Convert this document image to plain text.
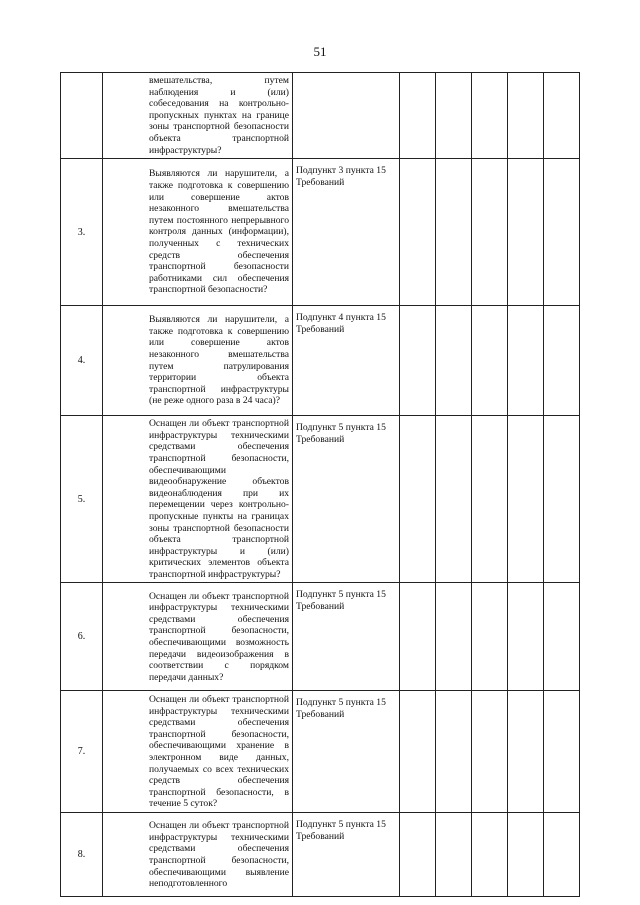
51
	вмешательства, путем наблюдения и (или) собеседования на контрольно-пропускных пунктах на границе зоны транспортной безопасности объекта транспортной инфраструктуры?						
3.	Выявляются ли нарушители, а также подготовка к совершению или совершение актов незаконного вмешательства путем постоянного непрерывного контроля данных (информации), полученных с технических средств обеспечения транспортной безопасности работниками сил обеспечения транспортной безопасности?	Подпункт 3 пункта 15 Требований					
4.	Выявляются ли нарушители, а также подготовка к совершению или совершение актов незаконного вмешательства путем патрулирования территории объекта транспортной инфраструктуры (не реже одного раза в 24 часа)?	Подпункт 4 пункта 15 Требований					
5.	Оснащен ли объект транспортной инфраструктуры техническими средствами обеспечения транспортной безопасности, обеспечивающими видеообнаружение объектов видеонаблюдения при их перемещении через контрольно-пропускные пункты на границах зоны транспортной безопасности объекта транспортной инфраструктуры и (или) критических элементов объекта транспортной инфраструктуры?	Подпункт 5 пункта 15 Требований					
6.	Оснащен ли объект транспортной инфраструктуры техническими средствами обеспечения транспортной безопасности, обеспечивающими возможность передачи видеоизображения в соответствии с порядком передачи данных?	Подпункт 5 пункта 15 Требований					
7.	Оснащен ли объект транспортной инфраструктуры техническими средствами обеспечения транспортной безопасности, обеспечивающими хранение в электронном виде данных, получаемых со всех технических средств обеспечения транспортной безопасности, в течение 5 суток?	Подпункт 5 пункта 15 Требований					
8.	Оснащен ли объект транспортной инфраструктуры техническими средствами обеспечения транспортной безопасности, обеспечивающими выявление неподготовленного	Подпункт 5 пункта 15 Требований					
